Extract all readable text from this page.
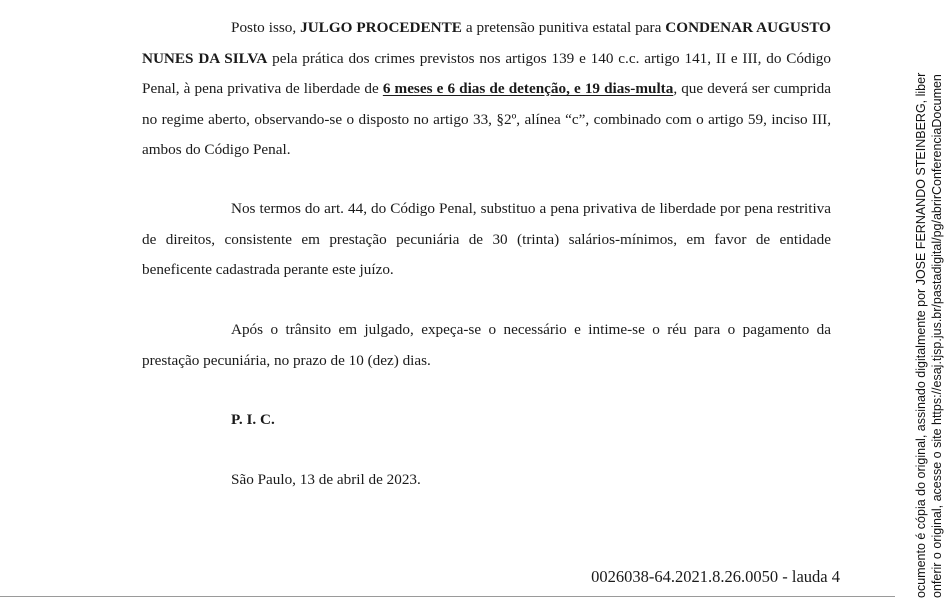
Posto isso, JULGO PROCEDENTE a pretensão punitiva estatal para CONDENAR AUGUSTO NUNES DA SILVA pela prática dos crimes previstos nos artigos 139 e 140 c.c. artigo 141, II e III, do Código Penal, à pena privativa de liberdade de 6 meses e 6 dias de detenção, e 19 dias-multa, que deverá ser cumprida no regime aberto, observando-se o disposto no artigo 33, §2º, alínea “c”, combinado com o artigo 59, inciso III, ambos do Código Penal.

Nos termos do art. 44, do Código Penal, substituo a pena privativa de liberdade por pena restritiva de direitos, consistente em prestação pecuniária de 30 (trinta) salários-mínimos, em favor de entidade beneficente cadastrada perante este juízo.

Após o trânsito em julgado, expeça-se o necessário e intime-se o réu para o pagamento da prestação pecuniária, no prazo de 10 (dez) dias.

P. I. C.

São Paulo, 13 de abril de 2023.

0026038-64.2021.8.26.0050 - lauda 4	ocumento é cópia do original, assinado digitalmente por JOSE FERNANDO STEINBERG, liber onferir o original, acesse o site https://esaj.tjsp.jus.br/pastadigital/pg/abrirConferenciaDocumen
